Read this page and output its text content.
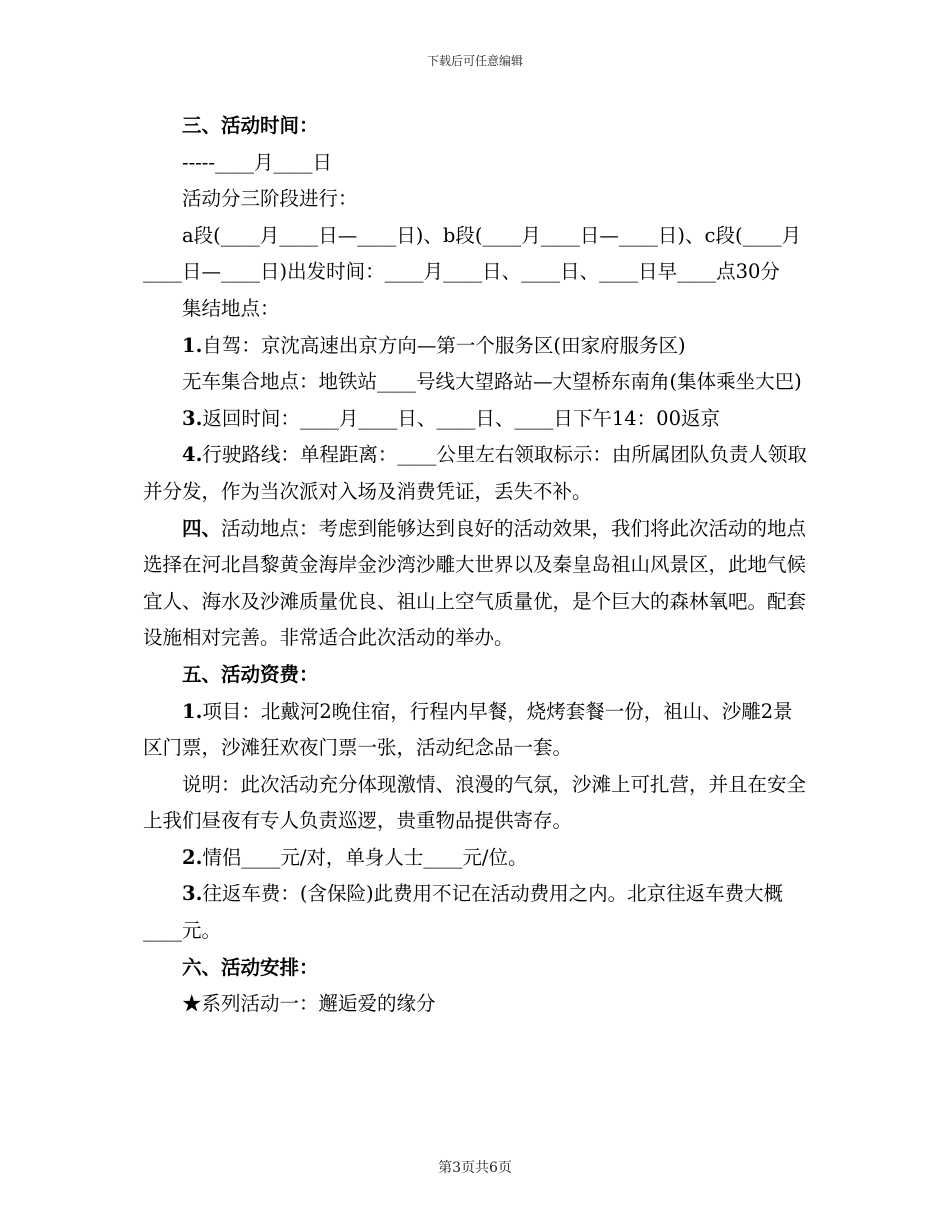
下载后可任意编辑

三、活动时间：

-----____月____日

活动分三阶段进行：

a段(____月____日—____日)、b段(____月____日—____日)、c段(____月____日—____日)出发时间：____月____日、____日、____日早____点30分

集结地点：

1.自驾：京沈高速出京方向—第一个服务区(田家府服务区)

无车集合地点：地铁站____号线大望路站—大望桥东南角(集体乘坐大巴)

3.返回时间：____月____日、____日、____日下午14：00返京

4.行驶路线：单程距离：____公里左右领取标示：由所属团队负责人领取并分发，作为当次派对入场及消费凭证，丢失不补。

四、活动地点：考虑到能够达到良好的活动效果，我们将此次活动的地点选择在河北昌黎黄金海岸金沙湾沙雕大世界以及秦皇岛祖山风景区，此地气候宜人、海水及沙滩质量优良、祖山上空气质量优，是个巨大的森林氧吧。配套设施相对完善。非常适合此次活动的举办。

五、活动资费：

1.项目：北戴河2晚住宿，行程内早餐，烧烤套餐一份，祖山、沙雕2景区门票，沙滩狂欢夜门票一张，活动纪念品一套。

说明：此次活动充分体现激情、浪漫的气氛，沙滩上可扎营，并且在安全上我们昼夜有专人负责巡逻，贵重物品提供寄存。

2.情侣____元/对，单身人士____元/位。

3.往返车费：(含保险)此费用不记在活动费用之内。北京往返车费大概____元。

六、活动安排：

★系列活动一：邂逅爱的缘分

第3页共6页
